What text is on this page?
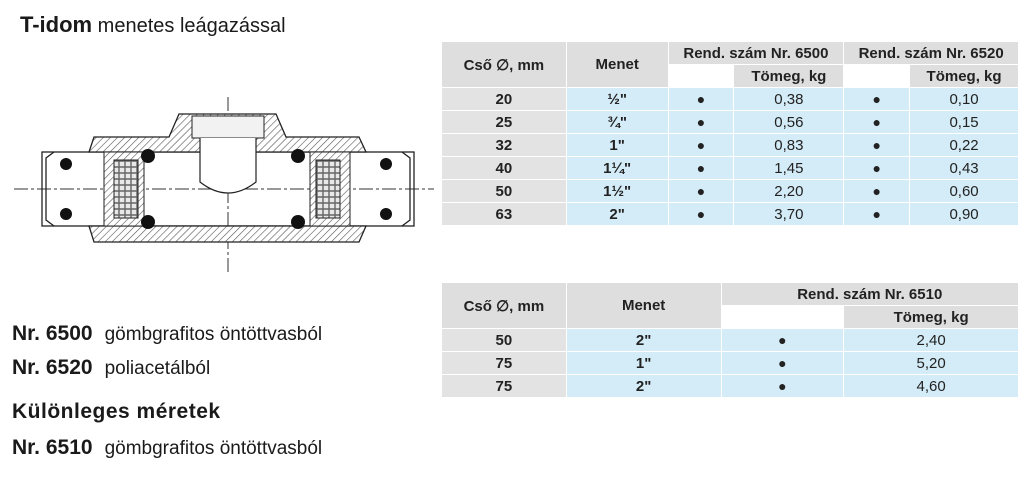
T-idom menetes leágazással
Nr. 6500 gömbgrafitos öntöttvasból
Nr. 6520 poliacetálból
Különleges méretek
Nr. 6510 gömbgrafitos öntöttvasból
Cső ∅, mm	Menet	Rend. szám Nr. 6500		Rend. szám Nr. 6520	
			Tömeg, kg		Tömeg, kg
20	½"	●	0,38	●	0,10
25	¾"	●	0,56	●	0,15
32	1"	●	0,83	●	0,22
40	1¼"	●	1,45	●	0,43
50	1½"	●	2,20	●	0,60
63	2"	●	3,70	●	0,90
Cső ∅, mm	Menet	Rend. szám Nr. 6510	
			Tömeg, kg
50	2"	●	2,40
75	1"	●	5,20
75	2"	●	4,60
